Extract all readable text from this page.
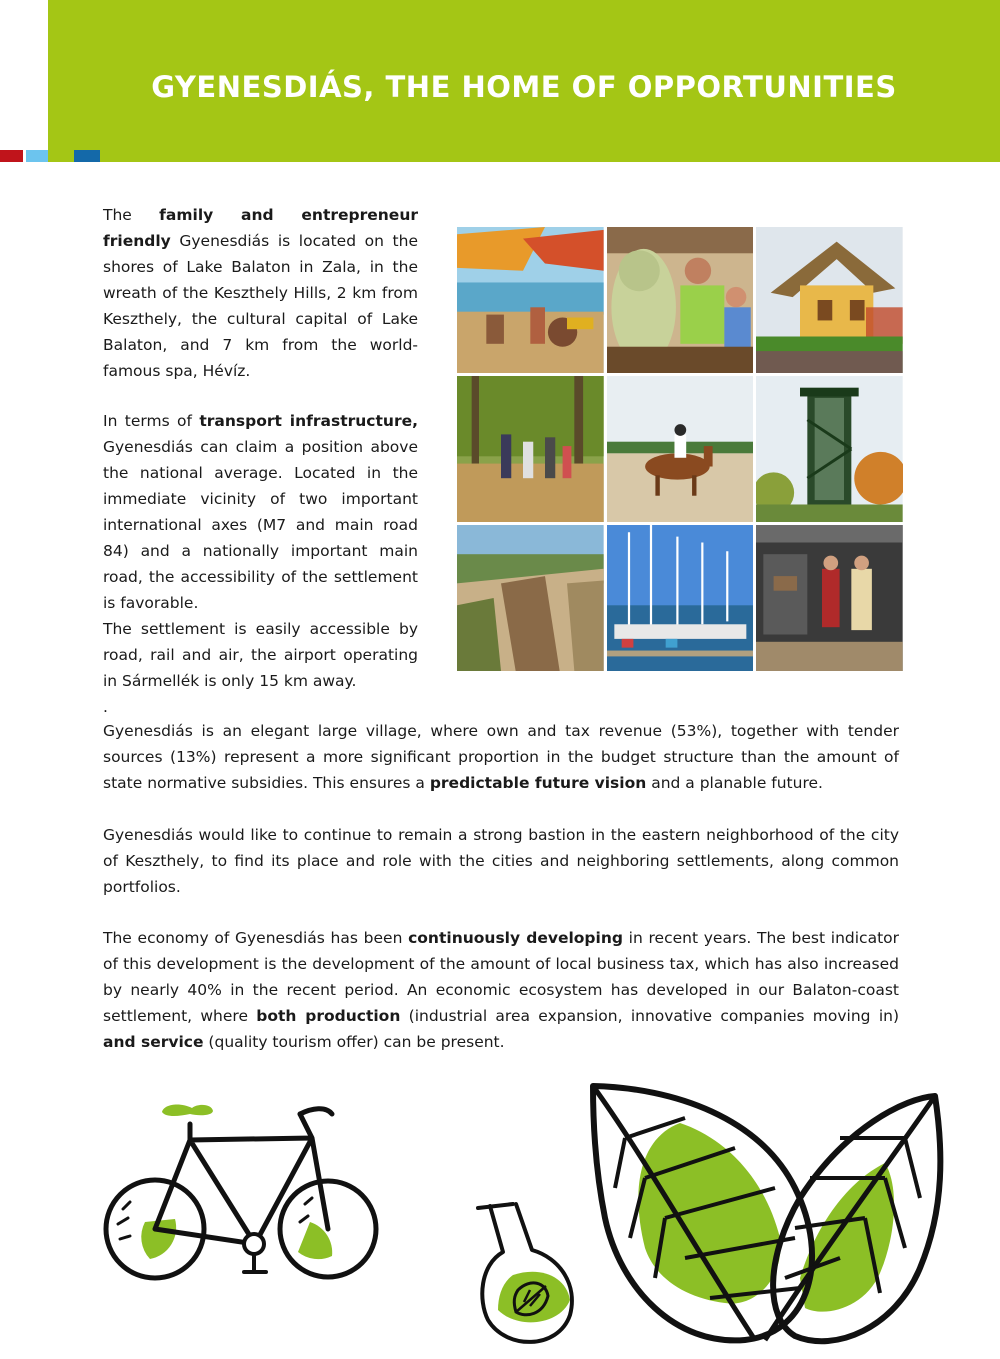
GYENESDIÁS, THE HOME OF OPPORTUNITIES

The family and entrepreneur friendly Gyenesdiás is located on the shores of Lake Balaton in Zala, in the wreath of the Keszthely Hills, 2 km from Keszthely, the cultural capital of Lake Balaton, and 7 km from the world-famous spa, Hévíz.

In terms of transport infrastructure, Gyenesdiás can claim a position above the national average. Located in the immediate vicinity of two important international axes (M7 and main road 84) and a nationally important main road, the accessibility of the settlement is favorable.

The settlement is easily accessible by road, rail and air, the airport operating in Sármellék is only 15 km away.

.

Gyenesdiás is an elegant large village, where own and tax revenue (53%), together with tender sources (13%) represent a more significant proportion in the budget structure than the amount of state normative subsidies. This ensures a predictable future vision and a planable future.

Gyenesdiás would like to continue to remain a strong bastion in the eastern neighborhood of the city of Keszthely, to find its place and role with the cities and neighboring settlements, along common portfolios.

The economy of Gyenesdiás has been continuously developing in recent years. The best indicator of this development is the development of the amount of local business tax, which has also increased by nearly 40% in the recent period. An economic ecosystem has developed in our Balaton-coast settlement, where both production (industrial area expansion, innovative companies moving in) and service (quality tourism offer) can be present.
